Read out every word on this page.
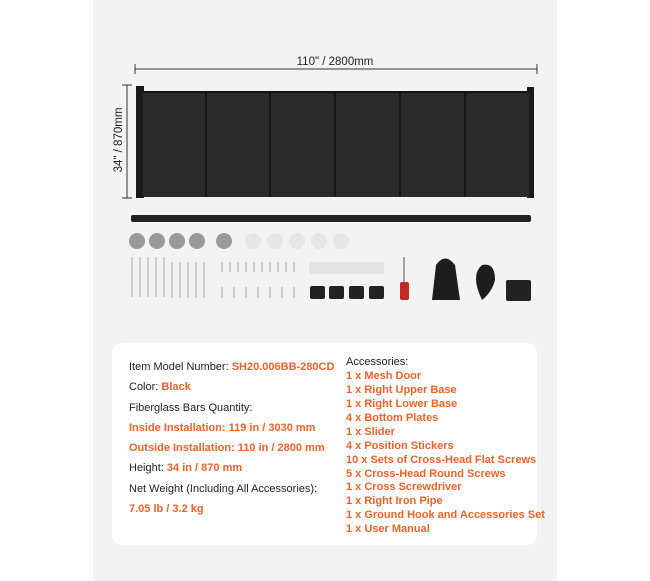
110" / 2800mm
34" / 870mm
Item Model Number: SH20.006BB-280CD
Color: Black
Fiberglass Bars Quantity:
Inside Installation: 119 in / 3030 mm
Outside Installation: 110 in / 2800 mm
Height: 34 in / 870 mm
Net Weight (Including All Accessories):
7.05 lb / 3.2 kg
Accessories:
1 x Mesh Door
1 x Right Upper Base
1 x Right Lower Base
4 x Bottom Plates
1 x Slider
4 x Position Stickers
10 x Sets of Cross-Head Flat Screws
5 x Cross-Head Round Screws
1 x Cross Screwdriver
1 x Right Iron Pipe
1 x Ground Hook and Accessories Set
1 x User Manual
